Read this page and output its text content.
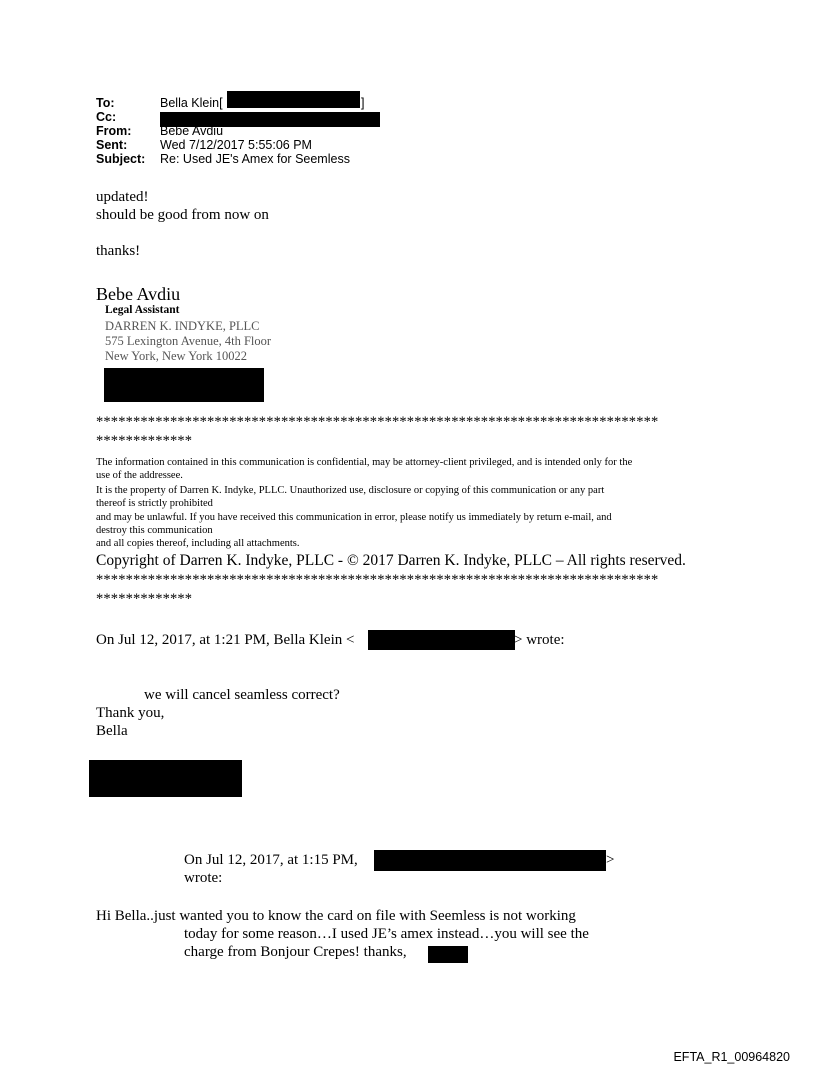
To:	Bella Klein[	]
Cc:
From: Bebe Avdiu
Sent:	Wed 7/12/2017 5:55:06 PM
Subject: Re: Used JE's Amex for Seemless
updated!
should be good from now on
thanks!
Bebe Avdiu
Legal Assistant
DARREN K. INDYKE, PLLC
575 Lexington Avenue, 4th Floor
New York, New York 10022
****************************************************************************
*************
The information contained in this communication is confidential, may be attorney-client privileged, and is intended only for the
use of the addressee.
It is the property of Darren K. Indyke, PLLC. Unauthorized use, disclosure or copying of this communication or any part
thereof is strictly prohibited
and may be unlawful. If you have received this communication in error, please notify us immediately by return e-mail, and
destroy this communication
and all copies thereof, including all attachments.
Copyright of Darren K. Indyke, PLLC - © 2017 Darren K. Indyke, PLLC – All rights reserved.
****************************************************************************
*************
On Jul 12, 2017, at 1:21 PM, Bella Klein <	> wrote:
we will cancel seamless correct?
Thank you,
Bella
On Jul 12, 2017, at 1:15 PM,	>
wrote:
Hi Bella..just wanted you to know the card on file with Seemless is not working
today for some reason…I used JE’s amex instead…you will see the
charge from Bonjour Crepes! thanks,
EFTA_R1_00964820
